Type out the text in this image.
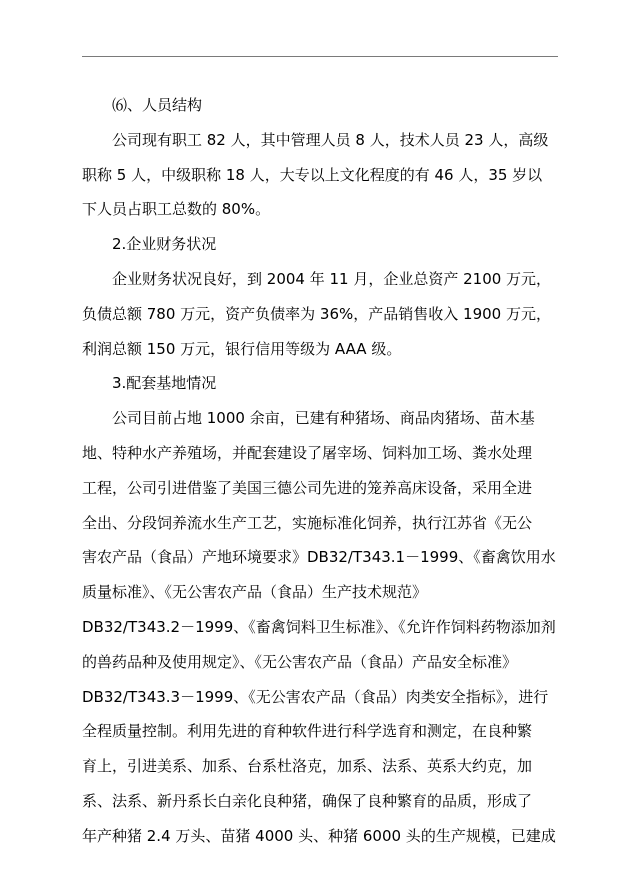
⑹、人员结构
公司现有职工 82 人，其中管理人员 8 人，技术人员 23 人，高级
职称 5 人，中级职称 18 人，大专以上文化程度的有 46 人，35 岁以
下人员占职工总数的 80%。
2.企业财务状况
企业财务状况良好，到 2004 年 11 月，企业总资产 2100 万元，
负债总额 780 万元，资产负债率为 36%，产品销售收入 1900 万元，
利润总额 150 万元，银行信用等级为 AAA 级。
3.配套基地情况
公司目前占地 1000 余亩，已建有种猪场、商品肉猪场、苗木基
地、特种水产养殖场，并配套建设了屠宰场、饲料加工场、粪水处理
工程，公司引进借鉴了美国三德公司先进的笼养高床设备，采用全进
全出、分段饲养流水生产工艺，实施标准化饲养，执行江苏省《无公
害农产品（食品）产地环境要求》DB32/T343.1－1999、《畜禽饮用水
质量标准》、《无公害农产品（食品）生产技术规范》
DB32/T343.2－1999、《畜禽饲料卫生标准》、《允许作饲料药物添加剂
的兽药品种及使用规定》、《无公害农产品（食品）产品安全标准》
DB32/T343.3－1999、《无公害农产品（食品）肉类安全指标》，进行
全程质量控制。利用先进的育种软件进行科学选育和测定，在良种繁
育上，引进美系、加系、台系杜洛克，加系、法系、英系大约克，加
系、法系、新丹系长白亲化良种猪，确保了良种繁育的品质，形成了
年产种猪 2.4 万头、苗猪 4000 头、种猪 6000 头的生产规模，已建成
